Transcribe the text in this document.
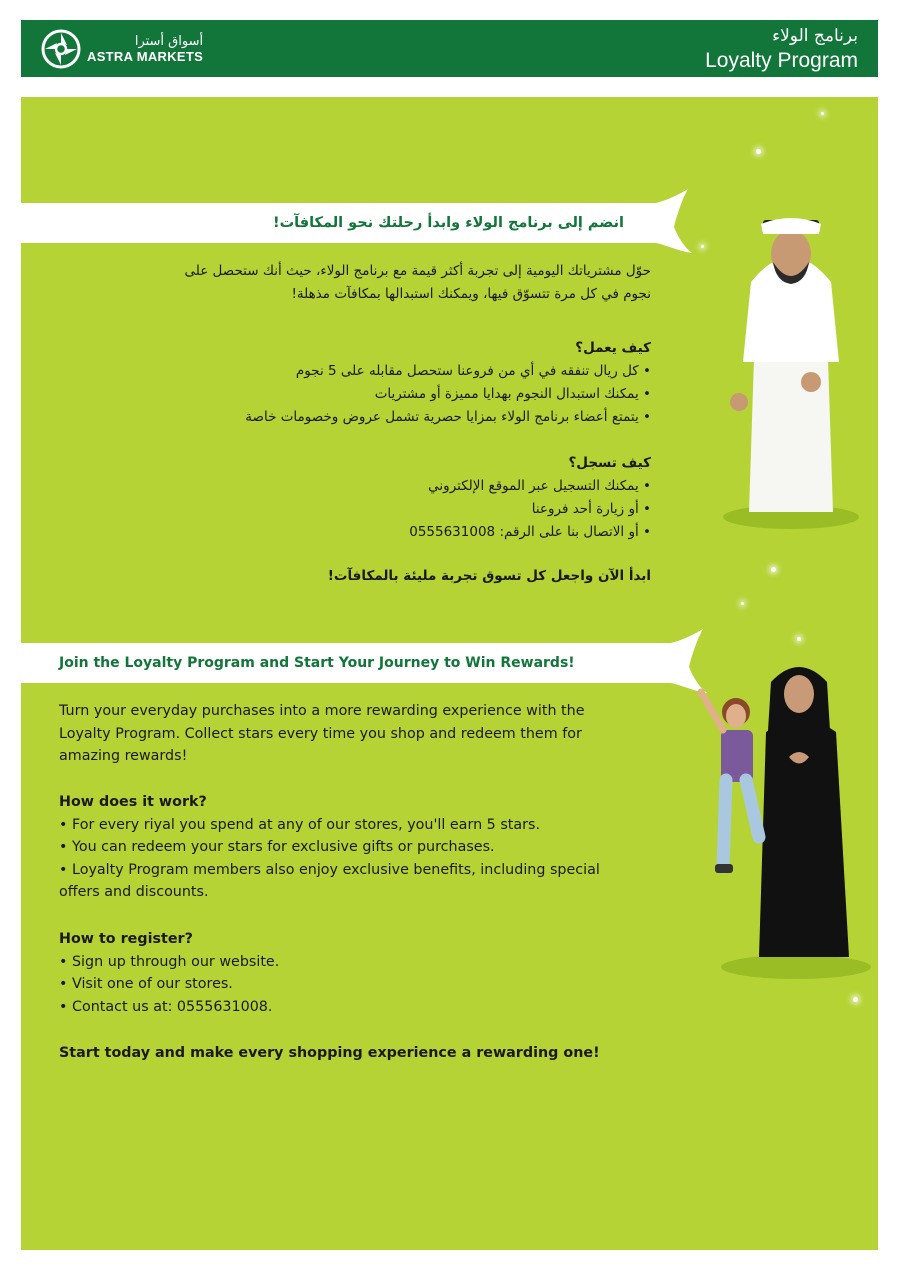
أسواق أسترا
ASTRA MARKETS
برنامج الولاء
Loyalty Program
انضم إلى برنامج الولاء وابدأ رحلتك نحو المكافآت!
حوّل مشترياتك اليومية إلى تجربة أكثر قيمة مع برنامج الولاء، حيث أنك ستحصل على
نجوم في كل مرة تتسوّق فيها، ويمكنك استبدالها بمكافآت مذهلة!
كيف يعمل؟
• كل ريال تنفقه في أي من فروعنا ستحصل مقابله على 5 نجوم
• يمكنك استبدال النجوم بهدايا مميزة أو مشتريات
• يتمتع أعضاء برنامج الولاء بمزايا حصرية تشمل عروض وخصومات خاصة
كيف تسجل؟
• يمكنك التسجيل عبر الموقع الإلكتروني
• أو زيارة أحد فروعنا
• أو الاتصال بنا على الرقم: 0555631008
ابدأ الآن واجعل كل تسوق تجربة مليئة بالمكافآت!
Join the Loyalty Program and Start Your Journey to Win Rewards!
Turn your everyday purchases into a more rewarding experience with the
Loyalty Program. Collect stars every time you shop and redeem them for
amazing rewards!
How does it work?
• For every riyal you spend at any of our stores, you'll earn 5 stars.
• You can redeem your stars for exclusive gifts or purchases.
• Loyalty Program members also enjoy exclusive benefits, including special
offers and discounts.
How to register?
• Sign up through our website.
• Visit one of our stores.
• Contact us at: 0555631008.
Start today and make every shopping experience a rewarding one!
